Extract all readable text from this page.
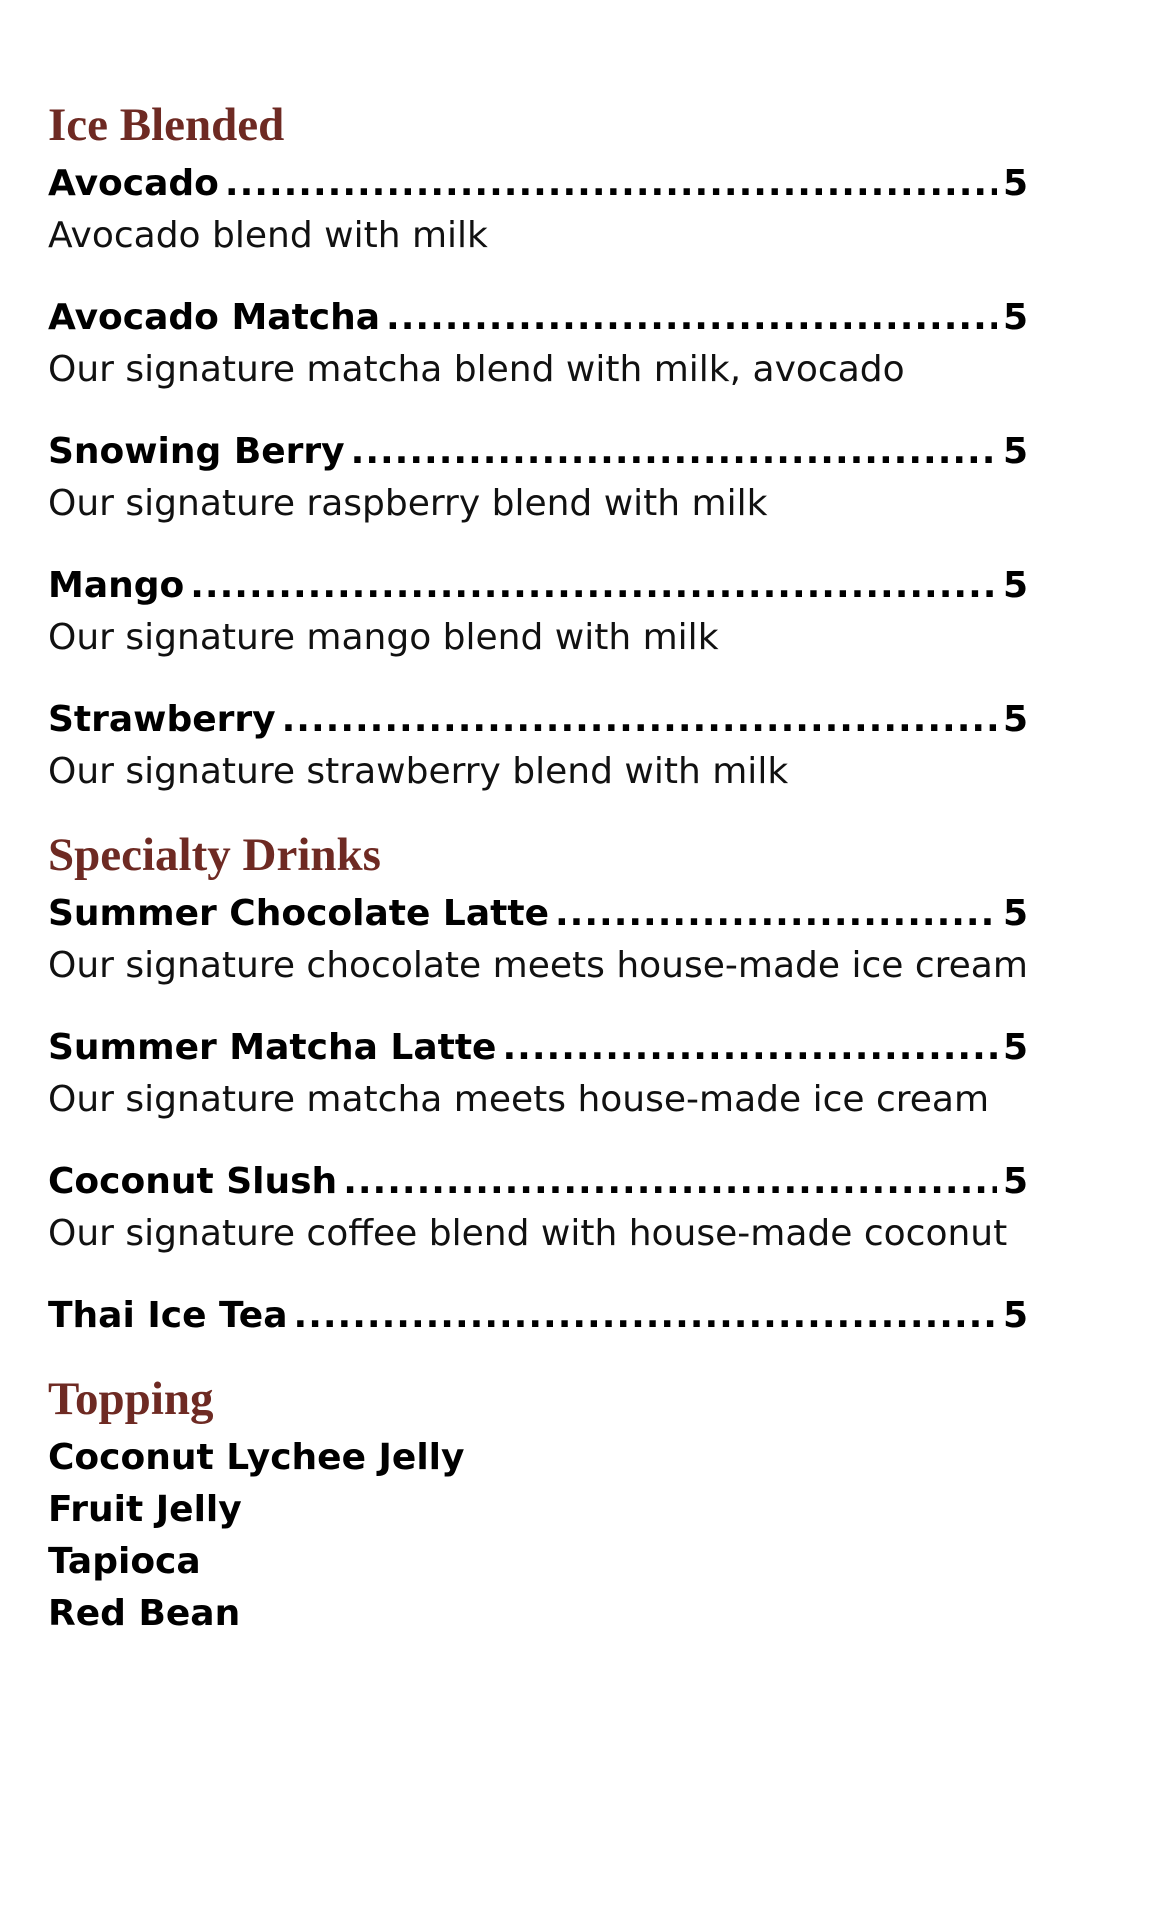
Ice Blended
Avocado .....	5
Avocado blend with milk
Avocado Matcha .....	5
Our signature matcha blend with milk, avocado
Snowing Berry .....	5
Our signature raspberry blend with milk
Mango .....	5
Our signature mango blend with milk
Strawberry .....	5
Our signature strawberry blend with milk
Specialty Drinks
Summer Chocolate Latte .....	5
Our signature chocolate meets house-made ice cream
Summer Matcha Latte .....	5
Our signature matcha meets house-made ice cream
Coconut Slush .....	5
Our signature coffee blend with house-made coconut
Thai Ice Tea .....	5
Topping
Coconut Lychee Jelly
Fruit Jelly
Tapioca
Red Bean
